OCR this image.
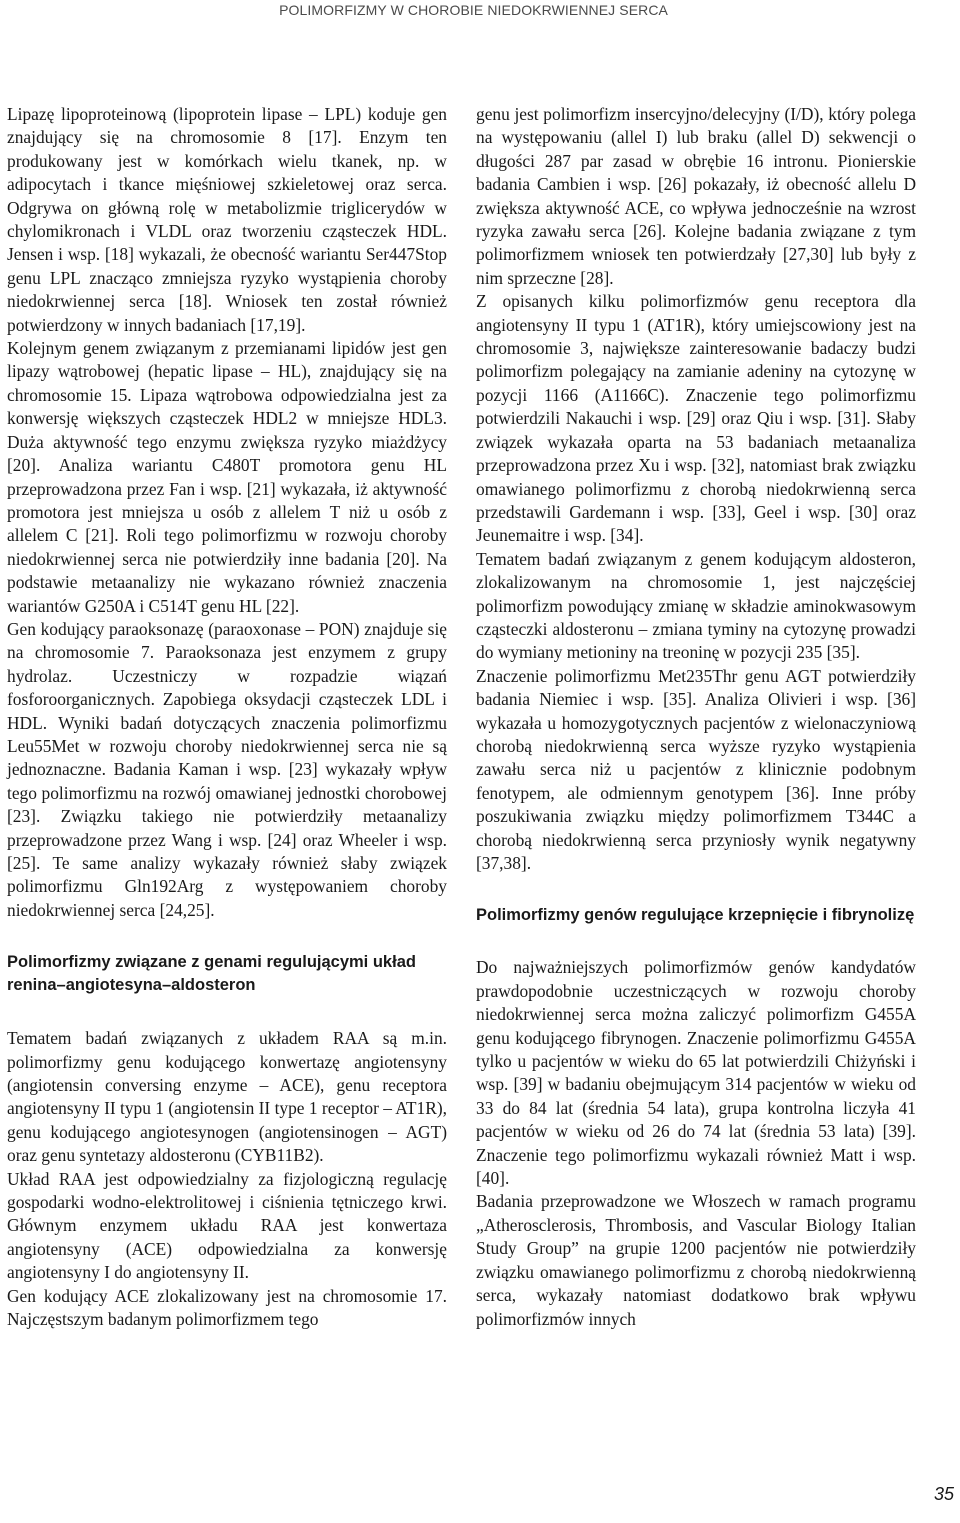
POLIMORFIZMY W CHOROBIE NIEDOKRWIENNEJ SERCA

Lipazę lipoproteinową (lipoprotein lipase – LPL) koduje gen znajdujący się na chromosomie 8 [17]. Enzym ten produkowany jest w komórkach wielu tkanek, np. w adipocytach i tkance mięśniowej szkieletowej oraz serca. Odgrywa on główną rolę w metabolizmie triglicerydów w chylomikronach i VLDL oraz tworzeniu cząsteczek HDL. Jensen i wsp. [18] wykazali, że obecność wariantu Ser447Stop genu LPL znacząco zmniejsza ryzyko wystąpienia choroby niedokrwiennej serca [18]. Wniosek ten został również potwierdzony w innych badaniach [17,19].

Kolejnym genem związanym z przemianami lipidów jest gen lipazy wątrobowej (hepatic lipase – HL), znajdujący się na chromosomie 15. Lipaza wątrobowa odpowiedzialna jest za konwersję większych cząsteczek HDL2 w mniejsze HDL3. Duża aktywność tego enzymu zwiększa ryzyko miażdżycy [20]. Analiza wariantu C480T promotora genu HL przeprowadzona przez Fan i wsp. [21] wykazała, iż aktywność promotora jest mniejsza u osób z allelem T niż u osób z allelem C [21]. Roli tego polimorfizmu w rozwoju choroby niedokrwiennej serca nie potwierdziły inne badania [20]. Na podstawie metaanalizy nie wykazano również znaczenia wariantów G250A i C514T genu HL [22].

Gen kodujący paraoksonazę (paraoxonase – PON) znajduje się na chromosomie 7. Paraoksonaza jest enzymem z grupy hydrolaz. Uczestniczy w rozpadzie wiązań fosforoorganicznych. Zapobiega oksydacji cząsteczek LDL i HDL. Wyniki badań dotyczących znaczenia polimorfizmu Leu55Met w rozwoju choroby niedokrwiennej serca nie są jednoznaczne. Badania Kaman i wsp. [23] wykazały wpływ tego polimorfizmu na rozwój omawianej jednostki chorobowej [23]. Związku takiego nie potwierdziły metaanalizy przeprowadzone przez Wang i wsp. [24] oraz Wheeler i wsp. [25]. Te same analizy wykazały również słaby związek polimorfizmu Gln192Arg z występowaniem choroby niedokrwiennej serca [24,25].

Polimorfizmy związane z genami regulującymi układ renina–angiotesyna–aldosteron

Tematem badań związanych z układem RAA są m.in. polimorfizmy genu kodującego konwertazę angiotensyny (angiotensin conversing enzyme – ACE), genu receptora angiotensyny II typu 1 (angiotensin II type 1 receptor – AT1R), genu kodującego angiotesynogen (angiotensinogen – AGT) oraz genu syntetazy aldosteronu (CYB11B2).

Układ RAA jest odpowiedzialny za fizjologiczną regulację gospodarki wodno-elektrolitowej i ciśnienia tętniczego krwi. Głównym enzymem układu RAA jest konwertaza angiotensyny (ACE) odpowiedzialna za konwersję angiotensyny I do angiotensyny II.

Gen kodujący ACE zlokalizowany jest na chromosomie 17. Najczęstszym badanym polimorfizmem tego

genu jest polimorfizm insercyjno/delecyjny (I/D), który polega na występowaniu (allel I) lub braku (allel D) sekwencji o długości 287 par zasad w obrębie 16 intronu. Pionierskie badania Cambien i wsp. [26] pokazały, iż obecność allelu D zwiększa aktywność ACE, co wpływa jednocześnie na wzrost ryzyka zawału serca [26]. Kolejne badania związane z tym polimorfizmem wniosek ten potwierdzały [27,30] lub były z nim sprzeczne [28].

Z opisanych kilku polimorfizmów genu receptora dla angiotensyny II typu 1 (AT1R), który umiejscowiony jest na chromosomie 3, największe zainteresowanie badaczy budzi polimorfizm polegający na zamianie adeniny na cytozynę w pozycji 1166 (A1166C). Znaczenie tego polimorfizmu potwierdzili Nakauchi i wsp. [29] oraz Qiu i wsp. [31]. Słaby związek wykazała oparta na 53 badaniach metaanaliza przeprowadzona przez Xu i wsp. [32], natomiast brak związku omawianego polimorfizmu z chorobą niedokrwienną serca przedstawili Gardemann i wsp. [33], Geel i wsp. [30] oraz Jeunemaitre i wsp. [34].

Tematem badań związanym z genem kodującym aldosteron, zlokalizowanym na chromosomie 1, jest najczęściej polimorfizm powodujący zmianę w składzie aminokwasowym cząsteczki aldosteronu – zmiana tyminy na cytozynę prowadzi do wymiany metioniny na treoninę w pozycji 235 [35].

Znaczenie polimorfizmu Met235Thr genu AGT potwierdziły badania Niemiec i wsp. [35]. Analiza Olivieri i wsp. [36] wykazała u homozygotycznych pacjentów z wielonaczyniową chorobą niedokrwienną serca wyższe ryzyko wystąpienia zawału serca niż u pacjentów z klinicznie podobnym fenotypem, ale odmiennym genotypem [36]. Inne próby poszukiwania związku między polimorfizmem T344C a chorobą niedokrwienną serca przyniosły wynik negatywny [37,38].

Polimorfizmy genów regulujące krzepnięcie i fibrynolizę

Do najważniejszych polimorfizmów genów kandydatów prawdopodobnie uczestniczących w rozwoju choroby niedokrwiennej serca można zaliczyć polimorfizm G455A genu kodującego fibrynogen. Znaczenie polimorfizmu G455A tylko u pacjentów w wieku do 65 lat potwierdzili Chiżyński i wsp. [39] w badaniu obejmującym 314 pacjentów w wieku od 33 do 84 lat (średnia 54 lata), grupa kontrolna liczyła 41 pacjentów w wieku od 26 do 74 lat (średnia 53 lata) [39]. Znaczenie tego polimorfizmu wykazali również Matt i wsp. [40].

Badania przeprowadzone we Włoszech w ramach programu „Atherosclerosis, Thrombosis, and Vascular Biology Italian Study Group” na grupie 1200 pacjentów nie potwierdziły związku omawianego polimorfizmu z chorobą niedokrwienną serca, wykazały natomiast dodatkowo brak wpływu polimorfizmów innych

35
